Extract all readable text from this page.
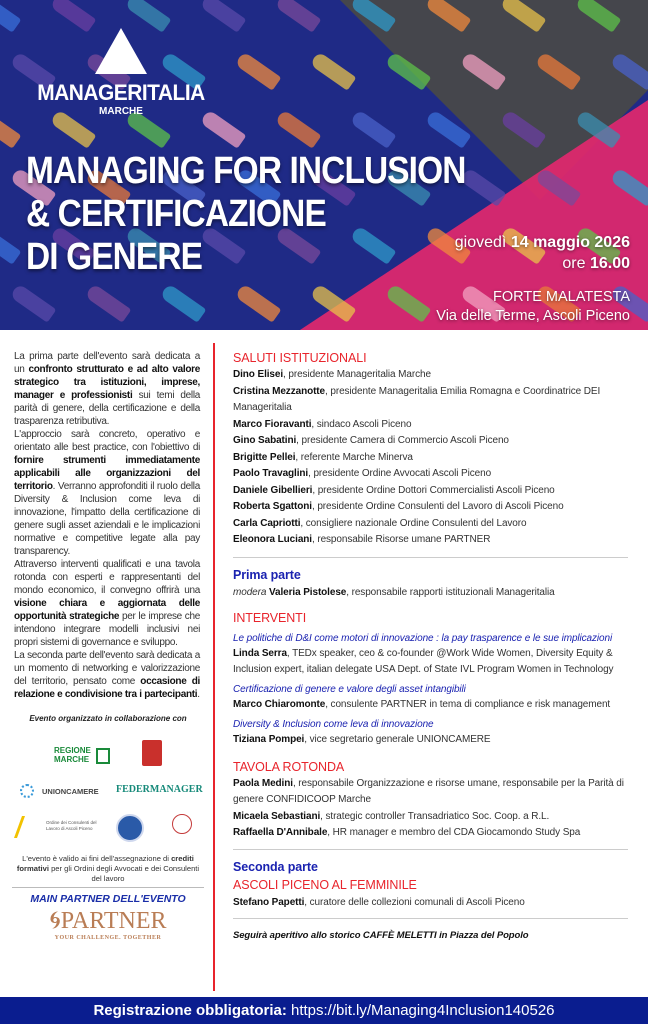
MANAGERITALIA
MARCHE
MANAGING FOR INCLUSION
& CERTIFICAZIONE
DI GENERE	giovedì 14 maggio 2026
ore 16.00
FORTE MALATESTA
Via delle Terme, Ascoli Piceno

La prima parte dell'evento sarà dedicata a un confronto strutturato e ad alto valore strategico tra istituzioni, imprese, manager e professionisti sui temi della parità di genere, della certificazione e della trasparenza retributiva.

L'approccio sarà concreto, operativo e orientato alle best practice, con l'obiettivo di fornire strumenti immediatamente applicabili alle organizzazioni del territorio. Verranno approfonditi il ruolo della Diversity & Inclusion come leva di innovazione, l'impatto della certificazione di genere sugli asset aziendali e le implicazioni normative e competitive legate alla pay transparency.

Attraverso interventi qualificati e una tavola rotonda con esperti e rappresentanti del mondo economico, il convegno offrirà una visione chiara e aggiornata delle opportunità strategiche per le imprese che intendono integrare modelli inclusivi nei propri sistemi di governance e sviluppo.

La seconda parte dell'evento sarà dedicata a un momento di networking e valorizzazione del territorio, pensato come occasione di relazione e condivisione tra i partecipanti.

Evento organizzato in collaborazione con
REGIONE MARCHE
UNIONCAMERE FEDERMANAGER
Ordine dei Consulenti del Lavoro di Ascoli Piceno
L'evento è valido ai fini dell'assegnazione di crediti formativi per gli Ordini degli Avvocati e dei Consulenti del lavoro
MAIN PARTNER DELL'EVENTO
🌀︎PARTNER
YOUR CHALLENGE. TOGETHER
SALUTI ISTITUZIONALI
Dino Elisei, presidente Manageritalia Marche
Cristina Mezzanotte, presidente Manageritalia Emilia Romagna e Coordinatrice DEI Manageritalia
Marco Fioravanti, sindaco Ascoli Piceno
Gino Sabatini, presidente Camera di Commercio Ascoli Piceno
Brigitte Pellei, referente Marche Minerva
Paolo Travaglini, presidente Ordine Avvocati Ascoli Piceno
Daniele Gibellieri, presidente Ordine Dottori Commercialisti Ascoli Piceno
Roberta Sgattoni, presidente Ordine Consulenti del Lavoro di Ascoli Piceno
Carla Capriotti, consigliere nazionale Ordine Consulenti del Lavoro
Eleonora Luciani, responsabile Risorse umane PARTNER
Prima parte
modera Valeria Pistolese, responsabile rapporti istituzionali Manageritalia
INTERVENTI
Le politiche di D&I come motori di innovazione : la pay trasparence e le sue implicazioni
Linda Serra, TEDx speaker, ceo & co-founder @Work Wide Women, Diversity Equity & Inclusion expert, italian delegate USA Dept. of State IVL Program Women in Technology
Certificazione di genere e valore degli asset intangibili
Marco Chiaromonte, consulente PARTNER in tema di compliance e risk management
Diversity & Inclusion come leva di innovazione
Tiziana Pompei, vice segretario generale UNIONCAMERE
TAVOLA ROTONDA
Paola Medini, responsabile Organizzazione e risorse umane, responsabile per la Parità di genere CONFIDICOOP Marche
Micaela Sebastiani, strategic controller Transadriatico Soc. Coop. a R.L.
Raffaella D'Annibale, HR manager e membro del CDA Giocamondo Study Spa
Seconda parte
ASCOLI PICENO AL FEMMINILE
Stefano Papetti, curatore delle collezioni comunali di Ascoli Piceno
Seguirà aperitivo allo storico CAFFÈ MELETTI in Piazza del Popolo
Registrazione obbligatoria: https://bit.ly/Managing4Inclusion140526
